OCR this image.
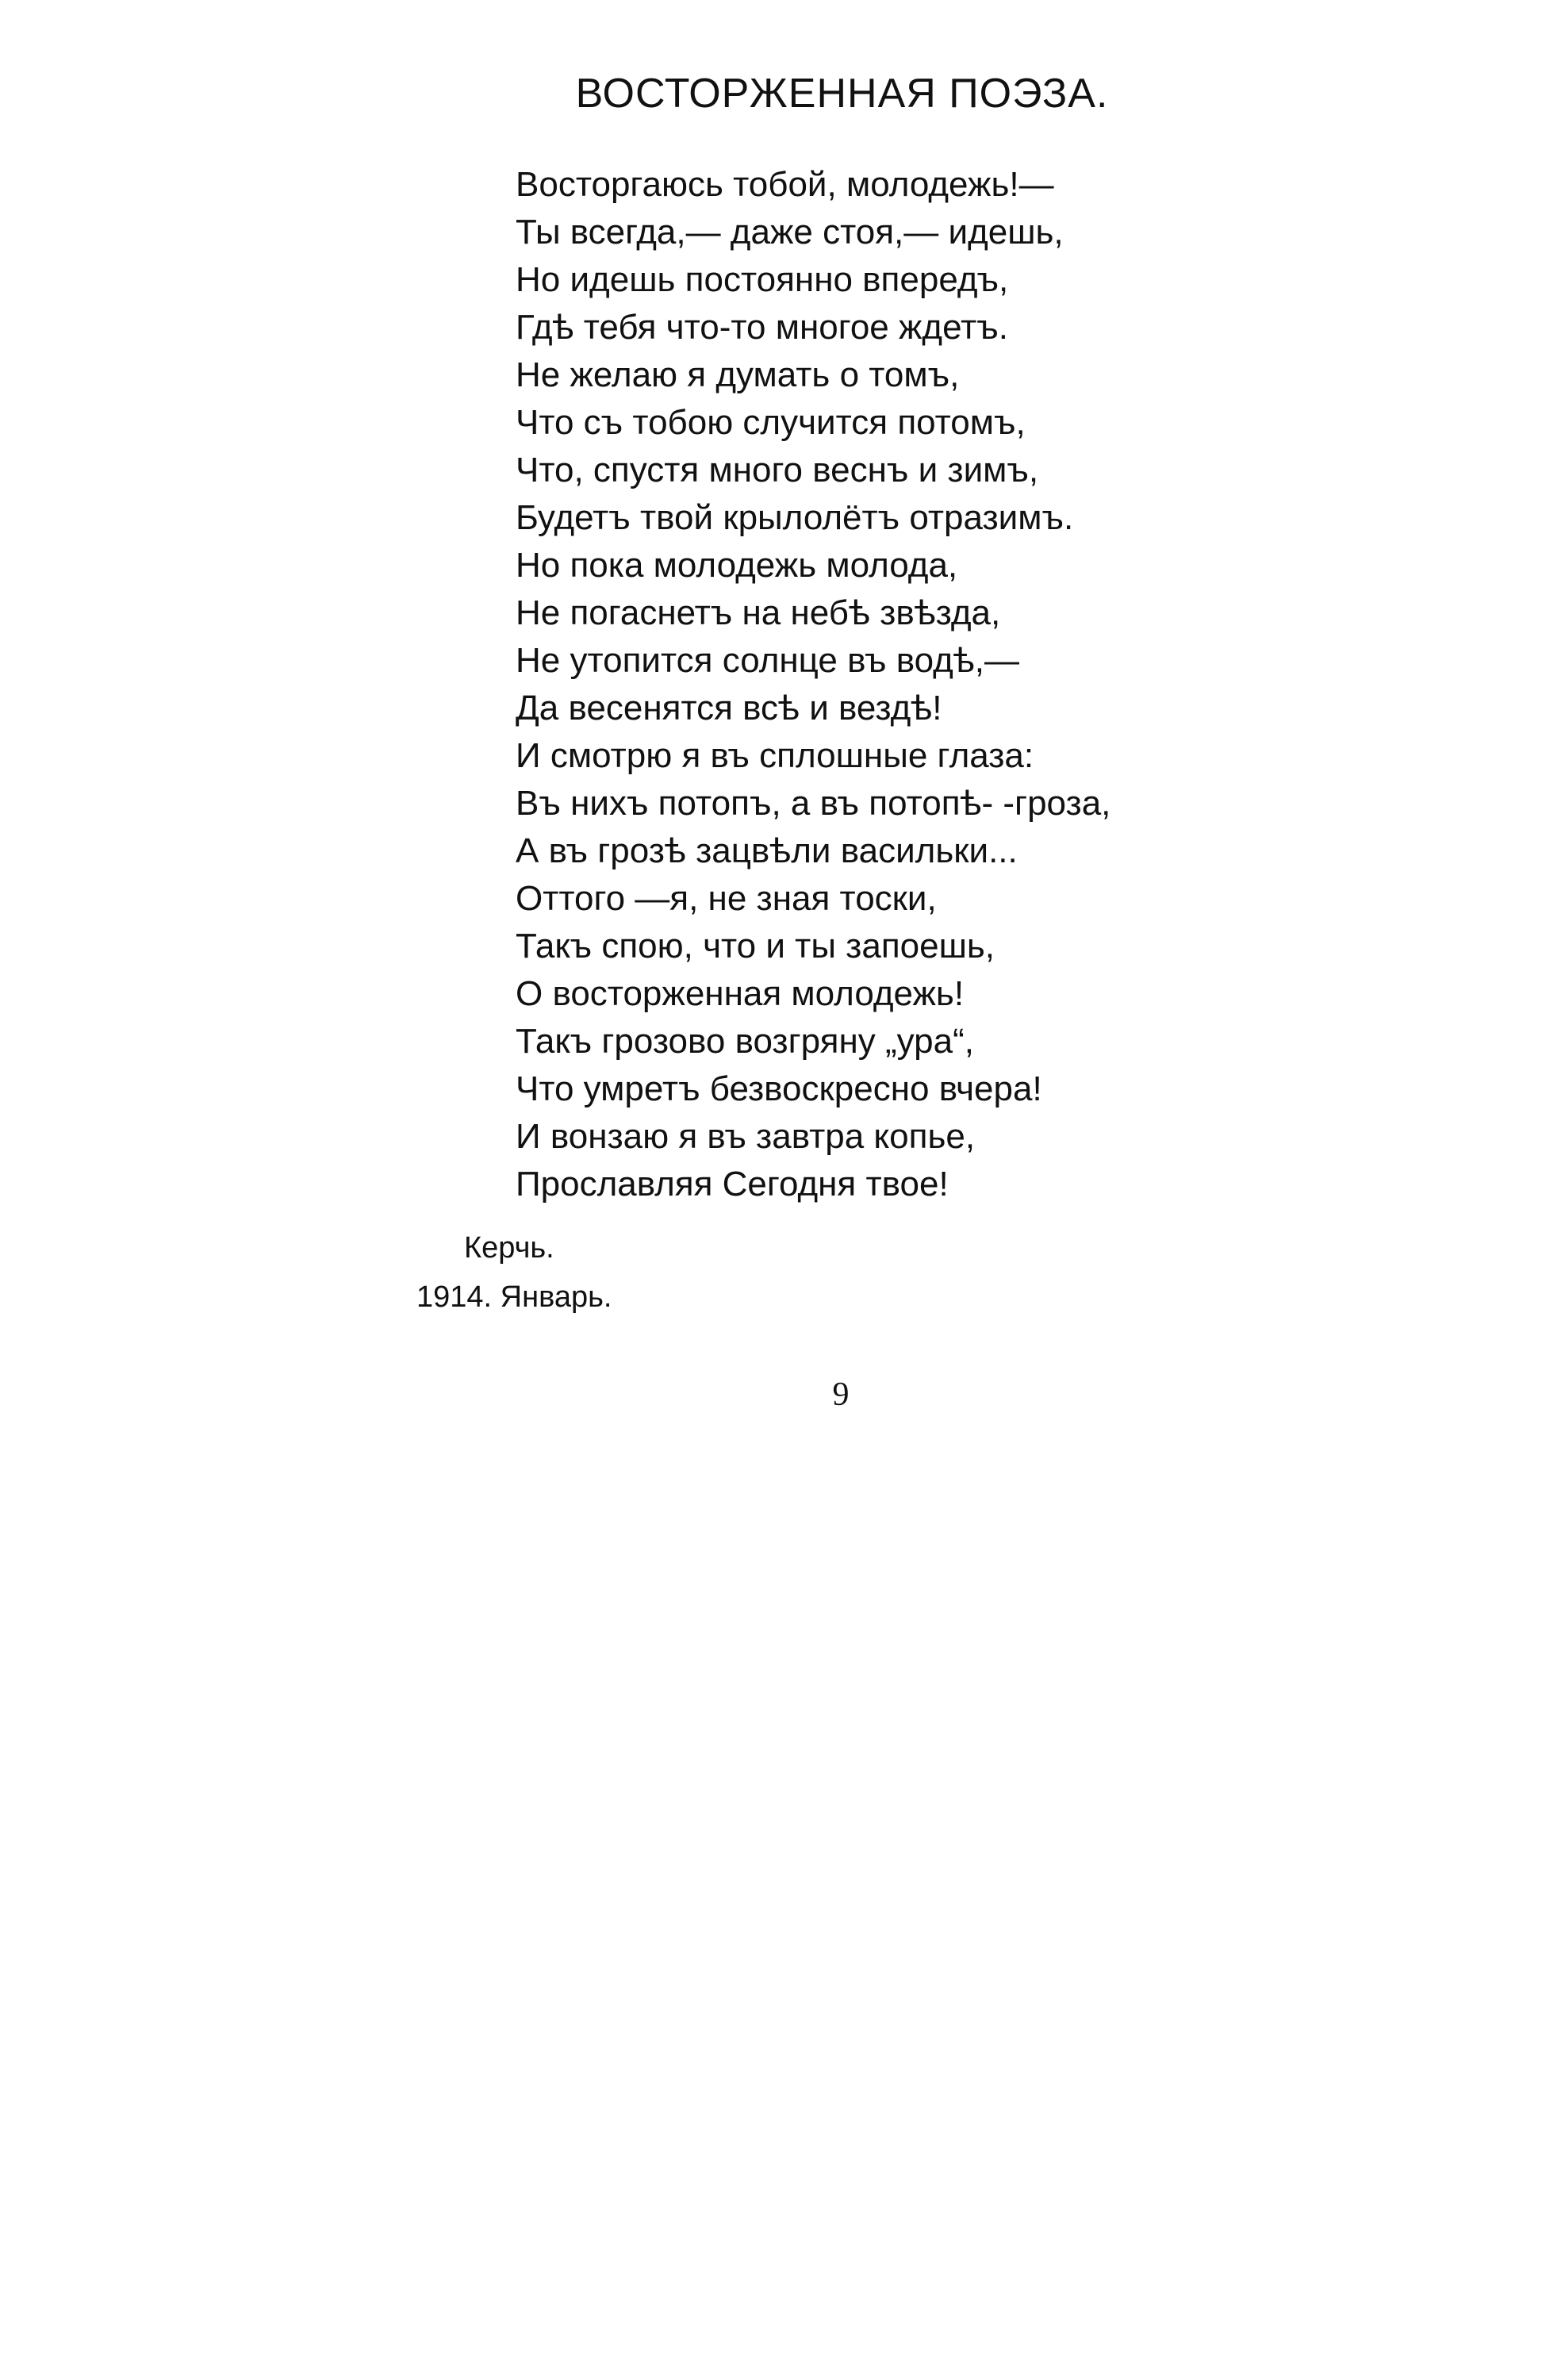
ВОСТОРЖЕННАЯ ПОЭЗА.
Восторгаюсь тобой, молодежь!—
Ты всегда,— даже стоя,— идешь,
Но идешь постоянно впередъ,
Гдѣ тебя что-то многое ждетъ.
Не желаю я думать о томъ,
Что съ тобою случится потомъ,
Что, спустя много веснъ и зимъ,
Будетъ твой крылолётъ отразимъ.
Но пока молодежь молода,
Не погаснетъ на небѣ звѣзда,
Не утопится солнце въ водѣ,—
Да весенятся всѣ и вездѣ!
И смотрю я въ сплошные глаза:
Въ нихъ потопъ, а въ потопѣ- -гроза,
А въ грозѣ зацвѣли васильки...
Оттого —я, не зная тоски,
Такъ спою, что и ты запоешь,
О восторженная молодежь!
Такъ грозово возгряну „ура“,
Что умретъ безвоскресно вчера!
И вонзаю я въ завтра копье,
Прославляя Сегодня твое!
Керчь.
1914. Январь.
9
